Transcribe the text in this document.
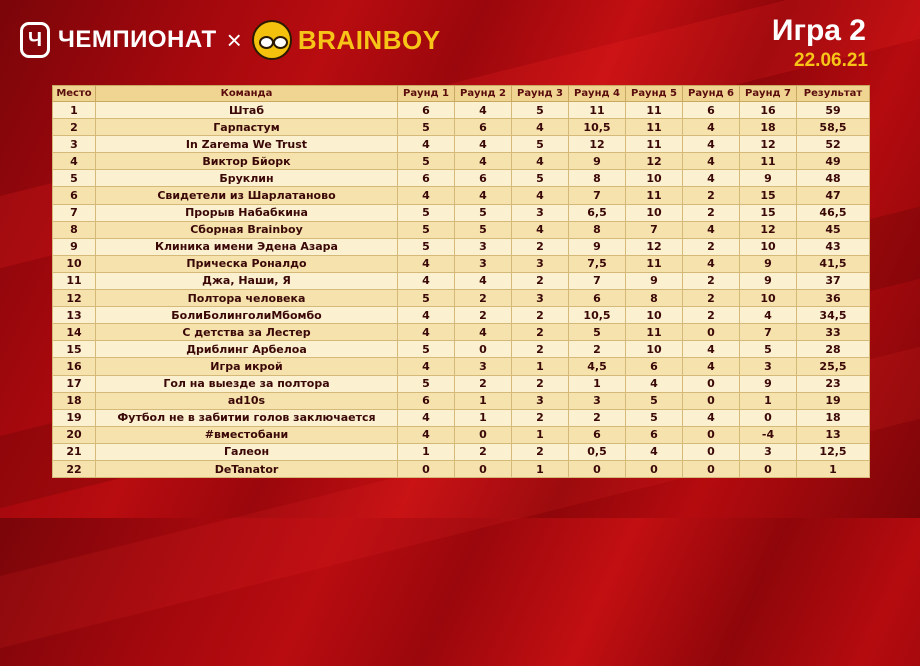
Ч ЧЕМПИОНАТ × BRAINBOY	Игра 2
22.06.21
Место	Команда	Раунд 1	Раунд 2	Раунд 3	Раунд 4	Раунд 5	Раунд 6	Раунд 7	Результат
1	Штаб	6	4	5	11	11	6	16	59
2	Гарпастум	5	6	4	10,5	11	4	18	58,5
3	In Zarema We Trust	4	4	5	12	11	4	12	52
4	Виктор Бйорк	5	4	4	9	12	4	11	49
5	Бруклин	6	6	5	8	10	4	9	48
6	Свидетели из Шарлатаново	4	4	4	7	11	2	15	47
7	Прорыв Набабкина	5	5	3	6,5	10	2	15	46,5
8	Сборная Brainboy	5	5	4	8	7	4	12	45
9	Клиника имени Эдена Азара	5	3	2	9	12	2	10	43
10	Прическа Роналдо	4	3	3	7,5	11	4	9	41,5
11	Джа, Наши, Я	4	4	2	7	9	2	9	37
12	Полтора человека	5	2	3	6	8	2	10	36
13	БолиБолинголиМбомбо	4	2	2	10,5	10	2	4	34,5
14	С детства за Лестер	4	4	2	5	11	0	7	33
15	Дриблинг Арбелоа	5	0	2	2	10	4	5	28
16	Игра икрой	4	3	1	4,5	6	4	3	25,5
17	Гол на выезде за полтора	5	2	2	1	4	0	9	23
18	ad10s	6	1	3	3	5	0	1	19
19	Футбол не в забитии голов заключается	4	1	2	2	5	4	0	18
20	#вместобани	4	0	1	6	6	0	-4	13
21	Галеон	1	2	2	0,5	4	0	3	12,5
22	DeTanator	0	0	1	0	0	0	0	1
